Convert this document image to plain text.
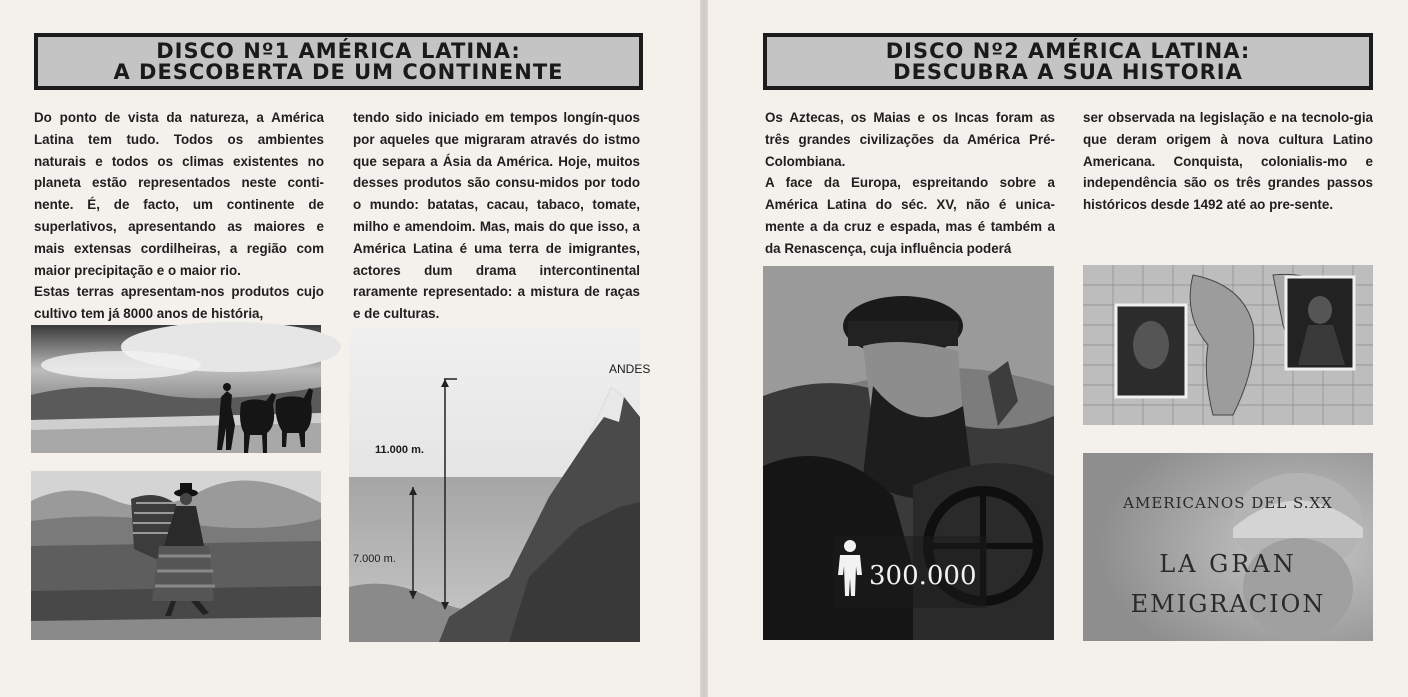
DISCO Nº1 AMÉRICA LATINA:
A DESCOBERTA DE UM CONTINENTE

Do ponto de vista da natureza, a América Latina tem tudo. Todos os ambientes naturais e todos os climas existentes no planeta estão representados neste conti-nente. É, de facto, um continente de superlativos, apresentando as maiores e mais extensas cordilheiras, a região com maior precipitação e o maior rio.

Estas terras apresentam-nos produtos cujo cultivo tem já 8000 anos de história,

tendo sido iniciado em tempos longín-quos por aqueles que migraram através do istmo que separa a Ásia da América. Hoje, muitos desses produtos são consu-midos por todo o mundo: batatas, cacau, tabaco, tomate, milho e amendoim. Mas, mais do que isso, a América Latina é uma terra de imigrantes, actores dum drama intercontinental raramente representado: a mistura de raças e de culturas.

ANDES
11.000 m.
7.000 m.
DISCO Nº2 AMÉRICA LATINA:
DESCUBRA A SUA HISTORIA

Os Aztecas, os Maias e os Incas foram as três grandes civilizações da América Pré-Colombiana.

A face da Europa, espreitando sobre a América Latina do séc. XV, não é unica-mente a da cruz e espada, mas é também a da Renascença, cuja influência poderá

ser observada na legislação e na tecnolo-gia que deram origem à nova cultura Latino Americana. Conquista, colonialis-mo e independência são os três grandes passos históricos desde 1492 até ao pre-sente.

300.000
AMERICANOS DEL S.XX
LA GRAN
EMIGRACION
